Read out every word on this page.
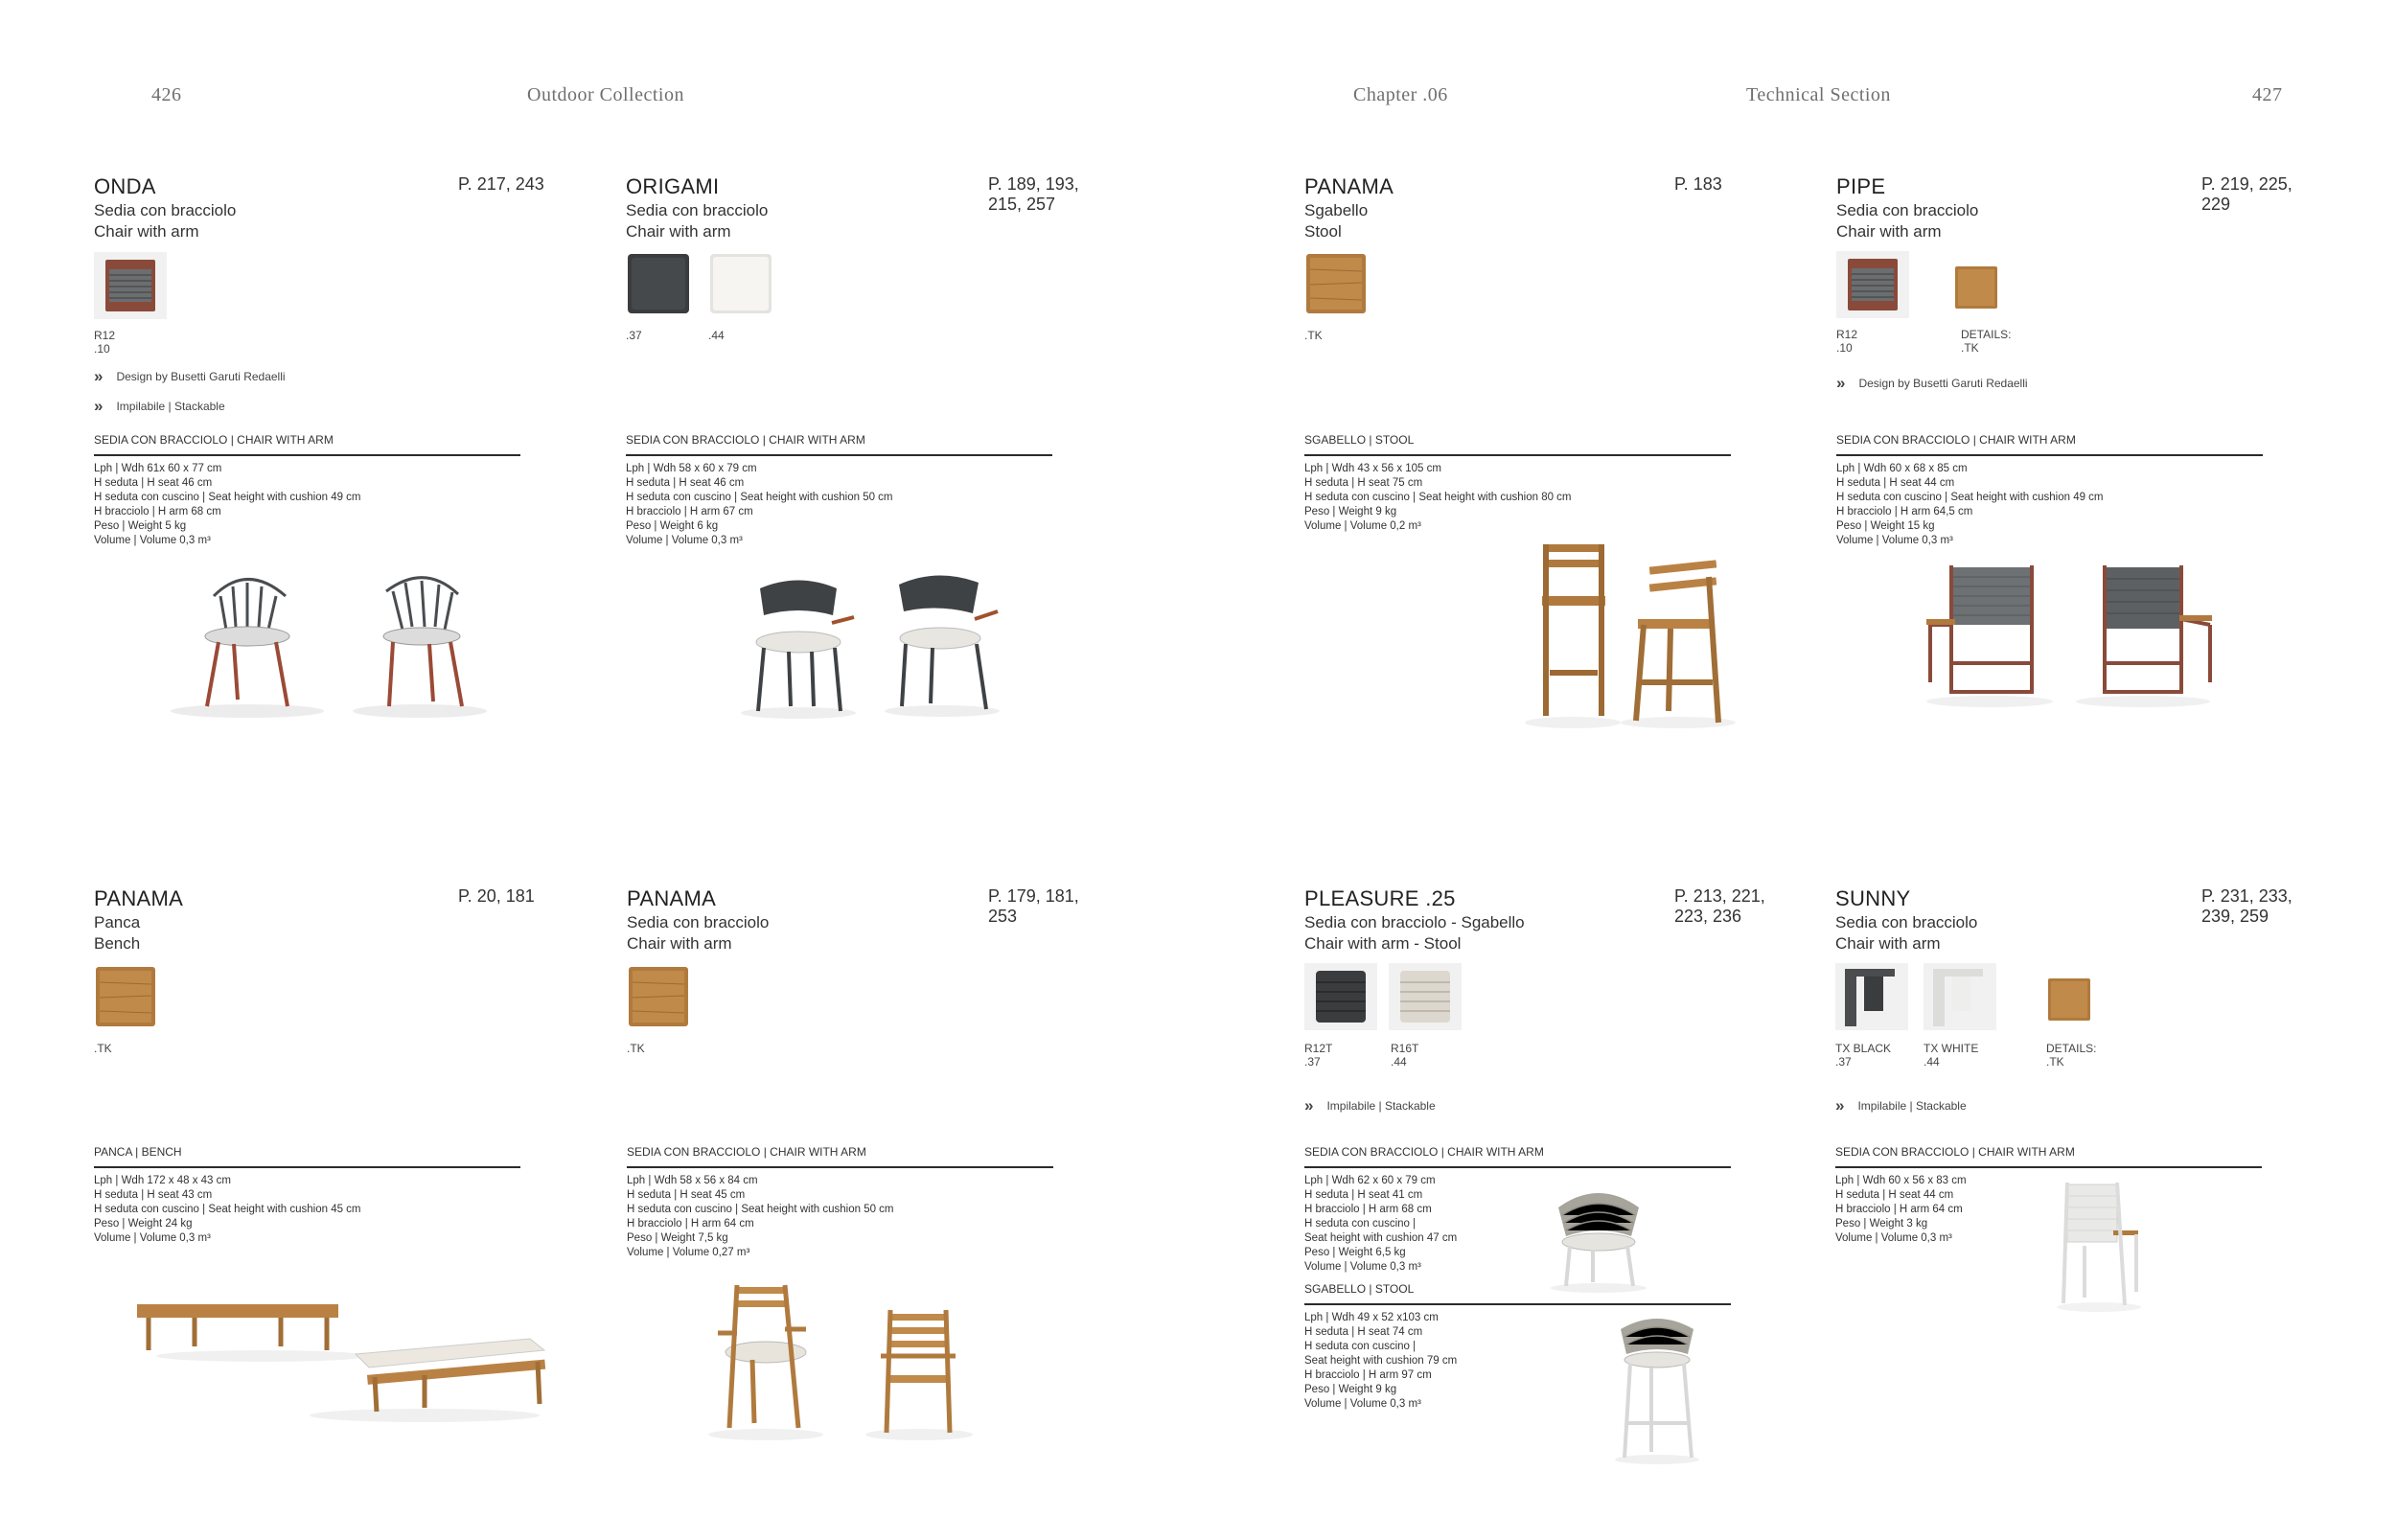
426	Outdoor Collection	Chapter .06	Technical Section	427
ONDA
Sedia con bracciolo
Chair with arm
P. 217, 243
R12
.10
» Design by Busetti Garuti Redaelli
» Impilabile | Stackable
SEDIA CON BRACCIOLO | CHAIR WITH ARM
Lph | Wdh 61x 60 x 77 cm
H seduta | H seat 46 cm
H seduta con cuscino | Seat height with cushion 49 cm
H bracciolo | H arm 68 cm
Peso | Weight 5 kg
Volume | Volume 0,3 m³
ORIGAMI
Sedia con bracciolo
Chair with arm
P. 189, 193,
215, 257
.37	.44
SEDIA CON BRACCIOLO | CHAIR WITH ARM
Lph | Wdh 58 x 60 x 79 cm
H seduta | H seat 46 cm
H seduta con cuscino | Seat height with cushion 50 cm
H bracciolo | H arm 67 cm
Peso | Weight 6 kg
Volume | Volume 0,3 m³
PANAMA
Sgabello
Stool
P. 183
.TK
SGABELLO | STOOL
Lph | Wdh 43 x 56 x 105 cm
H seduta | H seat 75 cm
H seduta con cuscino | Seat height with cushion 80 cm
Peso | Weight 9 kg
Volume | Volume 0,2 m³
PIPE
Sedia con bracciolo
Chair with arm
P. 219, 225,
229
R12
.10
DETAILS:
.TK
» Design by Busetti Garuti Redaelli
SEDIA CON BRACCIOLO | CHAIR WITH ARM
Lph | Wdh 60 x 68 x 85 cm
H seduta | H seat 44 cm
H seduta con cuscino | Seat height with cushion 49 cm
H bracciolo | H arm 64,5 cm
Peso | Weight 15 kg
Volume | Volume 0,3 m³
PANAMA
Panca
Bench
P. 20, 181
.TK
PANCA | BENCH
Lph | Wdh 172 x 48 x 43 cm
H seduta | H seat 43 cm
H seduta con cuscino | Seat height with cushion 45 cm
Peso | Weight 24 kg
Volume | Volume 0,3 m³
PANAMA
Sedia con bracciolo
Chair with arm
P. 179, 181,
253
.TK
SEDIA CON BRACCIOLO | CHAIR WITH ARM
Lph | Wdh 58 x 56 x 84 cm
H seduta | H seat 45 cm
H seduta con cuscino | Seat height with cushion 50 cm
H bracciolo | H arm 64 cm
Peso | Weight 7,5 kg
Volume | Volume 0,27 m³
PLEASURE .25
Sedia con bracciolo - Sgabello
Chair with arm - Stool
P. 213, 221,
223, 236
R12T
.37
R16T
.44
» Impilabile | Stackable
SEDIA CON BRACCIOLO | CHAIR WITH ARM
Lph | Wdh 62 x 60 x 79 cm
H seduta | H seat 41 cm
H bracciolo | H arm 68 cm
H seduta con cuscino |
Seat height with cushion 47 cm
Peso | Weight 6,5 kg
Volume | Volume 0,3 m³
SGABELLO | STOOL
Lph | Wdh 49 x 52 x103 cm
H seduta | H seat 74 cm
H seduta con cuscino |
Seat height with cushion 79 cm
H bracciolo | H arm 97 cm
Peso | Weight 9 kg
Volume | Volume 0,3 m³
SUNNY
Sedia con bracciolo
Chair with arm
P. 231, 233,
239, 259
TX BLACK
.37
TX WHITE
.44
DETAILS:
.TK
» Impilabile | Stackable
SEDIA CON BRACCIOLO | CHAIR WITH ARM
Lph | Wdh 60 x 56 x 83 cm
H seduta | H seat 44 cm
H bracciolo | H arm 64 cm
Peso | Weight 3 kg
Volume | Volume 0,3 m³
